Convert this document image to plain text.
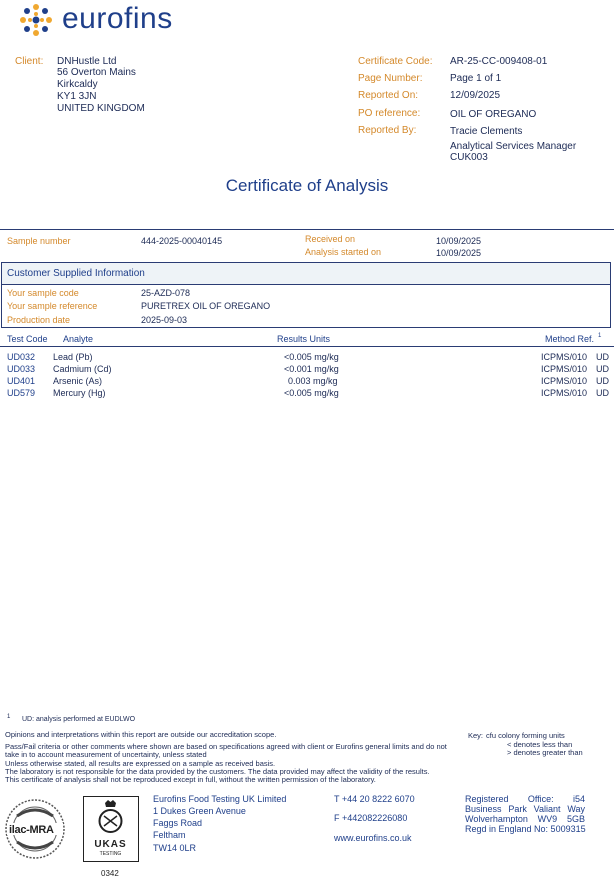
eurofins
Client: DNHustle Ltd
56 Overton Mains
Kirkcaldy
KY1 3JN
UNITED KINGDOM
Certificate Code: AR-25-CC-009408-01
Page Number:	Page 1 of 1
Reported On:	12/09/2025
PO reference:	OIL OF OREGANO
Reported By:	Tracie Clements
Analytical Services Manager
CUK003
Certificate of Analysis
Sample number	444-2025-00040145	Received on	10/09/2025
Analysis started on	10/09/2025
Customer Supplied Information
Your sample code	25-AZD-078
Your sample reference	PURETREX OIL OF OREGANO
Production date	2025-09-03
Test Code Analyte	Results Units	Method Ref. 1
UD032 Lead (Pb)	<0.005 mg/kg	ICPMS/010 UD
UD033 Cadmium (Cd)	<0.001 mg/kg	ICPMS/010 UD
UD401 Arsenic (As)	0.003 mg/kg	ICPMS/010 UD
UD579 Mercury (Hg)	<0.005 mg/kg	ICPMS/010 UD
1 UD: analysis performed at EUDLWO
Opinions and interpretations within this report are outside our accreditation scope.
Pass/Fail criteria or other comments where shown are based on specifications agreed with client or Eurofins general limits and do not
take in to account measurement of uncertainty, unless stated
Unless otherwise stated, all results are expressed on a sample as received basis.
The laboratory is not responsible for the data provided by the customers. The data provided may affect the validity of the results.
This certificate of analysis shall not be reproduced except in full, without the written permission of the laboratory.
Key: cfu colony forming units
< denotes less than
> denotes greater than
ilac-MRA
UKAS
TESTING
0342
Eurofins Food Testing UK Limited
1 Dukes Green Avenue
Faggs Road
Feltham
TW14 0LR
T +44 20 8222 6070
F +442082226080
www.eurofins.co.uk
Registered Office: i54
Business Park Valiant Way
Wolverhampton WV9 5GB
Regd in England No: 5009315
